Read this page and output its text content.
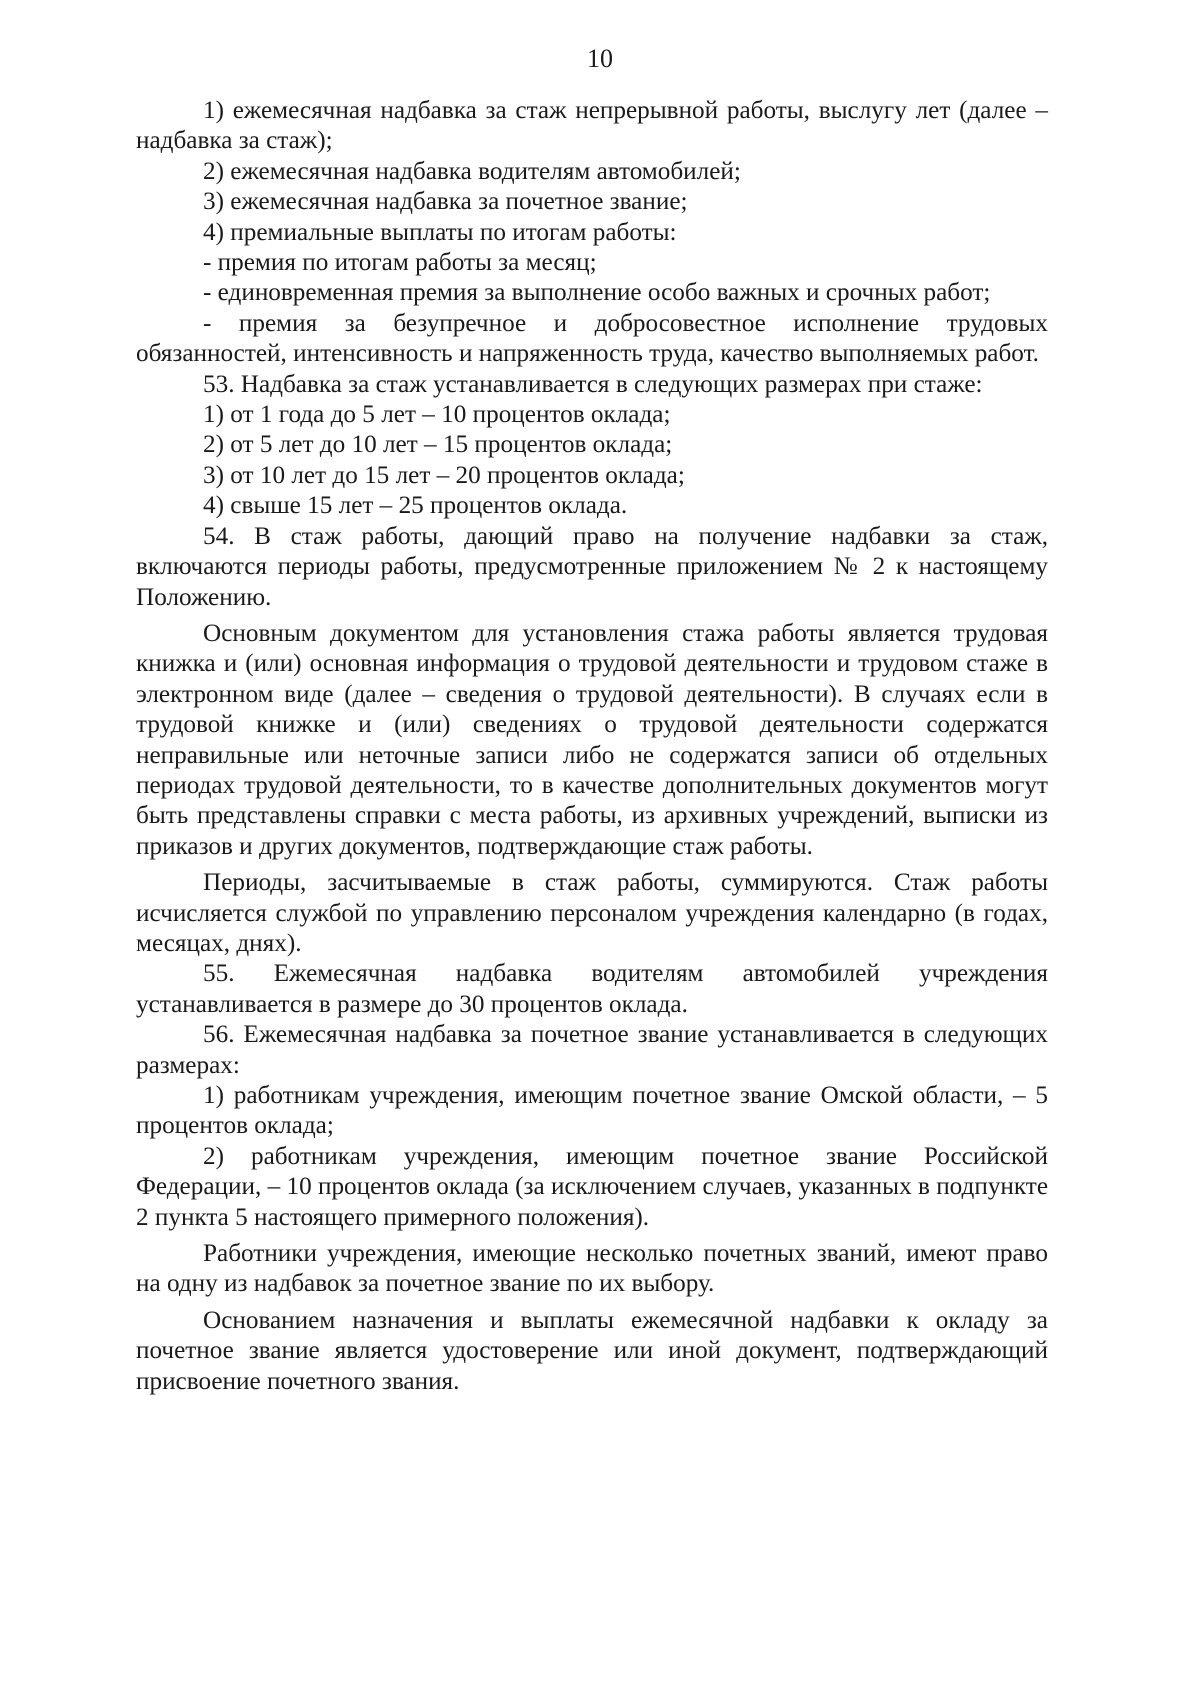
10

1) ежемесячная надбавка за стаж непрерывной работы, выслугу лет (далее – надбавка за стаж);

2) ежемесячная надбавка водителям автомобилей;

3) ежемесячная надбавка за почетное звание;

4) премиальные выплаты по итогам работы:

- премия по итогам работы за месяц;

- единовременная премия за выполнение особо важных и срочных работ;

- премия за безупречное и добросовестное исполнение трудовых обязанностей, интенсивность и напряженность труда, качество выполняемых работ.

53. Надбавка за стаж устанавливается в следующих размерах при стаже:

1) от 1 года до 5 лет – 10 процентов оклада;

2) от 5 лет до 10 лет – 15 процентов оклада;

3) от 10 лет до 15 лет – 20 процентов оклада;

4) свыше 15 лет – 25 процентов оклада.

54. В стаж работы, дающий право на получение надбавки за стаж, включаются периоды работы, предусмотренные приложением № 2 к настоящему Положению.

Основным документом для установления стажа работы является трудовая книжка и (или) основная информация о трудовой деятельности и трудовом стаже в электронном виде (далее – сведения о трудовой деятельности). В случаях если в трудовой книжке и (или) сведениях о трудовой деятельности содержатся неправильные или неточные записи либо не содержатся записи об отдельных периодах трудовой деятельности, то в качестве дополнительных документов могут быть представлены справки с места работы, из архивных учреждений, выписки из приказов и других документов, подтверждающие стаж работы.

Периоды, засчитываемые в стаж работы, суммируются. Стаж работы исчисляется службой по управлению персоналом учреждения календарно (в годах, месяцах, днях).

55. Ежемесячная надбавка водителям автомобилей учреждения устанавливается в размере до 30 процентов оклада.

56. Ежемесячная надбавка за почетное звание устанавливается в следующих размерах:

1) работникам учреждения, имеющим почетное звание Омской области, – 5 процентов оклада;

2) работникам учреждения, имеющим почетное звание Российской Федерации, – 10 процентов оклада (за исключением случаев, указанных в подпункте 2 пункта 5 настоящего примерного положения).

Работники учреждения, имеющие несколько почетных званий, имеют право на одну из надбавок за почетное звание по их выбору.

Основанием назначения и выплаты ежемесячной надбавки к окладу за почетное звание является удостоверение или иной документ, подтверждающий присвоение почетного звания.
